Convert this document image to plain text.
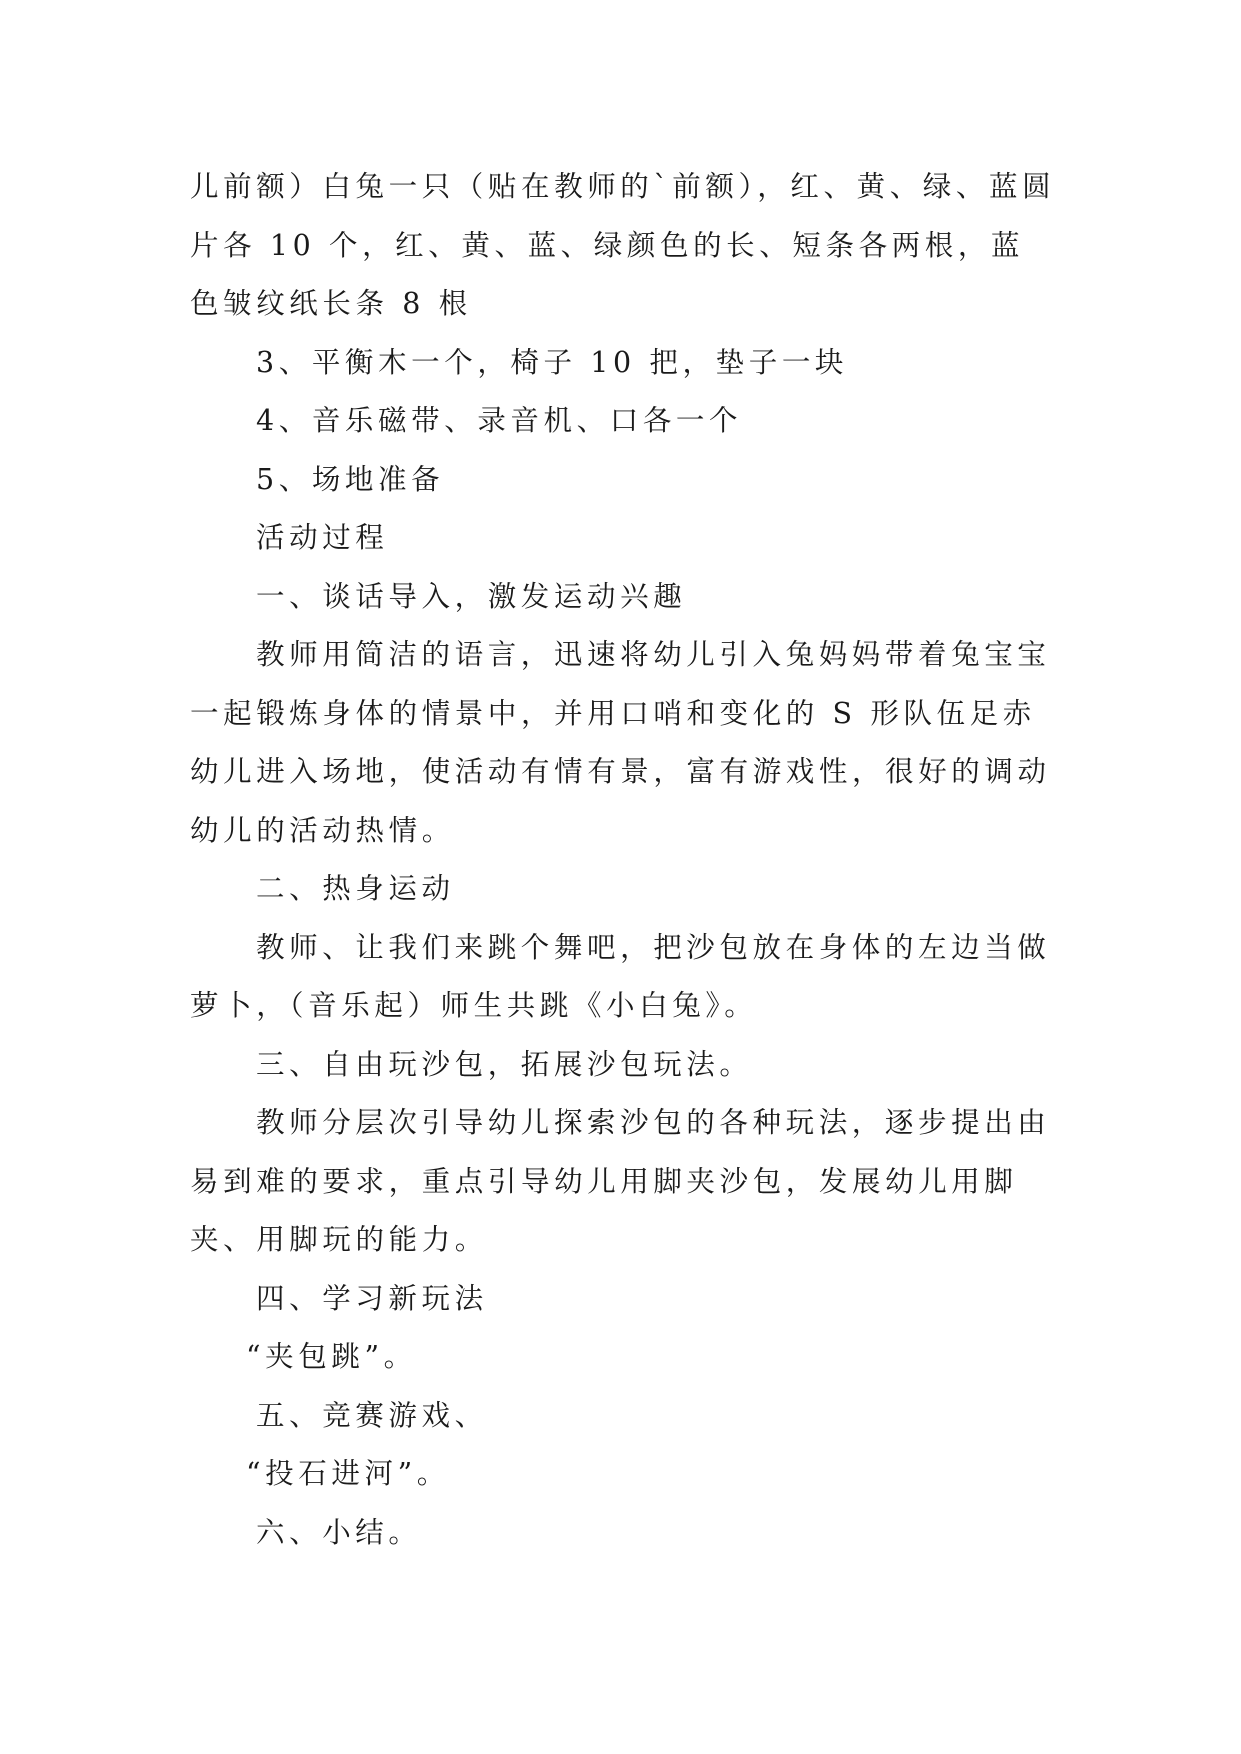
儿前额）白兔一只（贴在教师的`前额），红、黄、绿、蓝圆片各 10 个，红、黄、蓝、绿颜色的长、短条各两根，蓝色皱纹纸长条 8 根

3、平衡木一个，椅子 10 把，垫子一块

4、音乐磁带、录音机、口各一个

5、场地准备

活动过程

一、谈话导入，激发运动兴趣

教师用简洁的语言，迅速将幼儿引入兔妈妈带着兔宝宝一起锻炼身体的情景中，并用口哨和变化的 S 形队伍足赤幼儿进入场地，使活动有情有景，富有游戏性，很好的调动幼儿的活动热情。

二、热身运动

教师、让我们来跳个舞吧，把沙包放在身体的左边当做萝卜，（音乐起）师生共跳《小白兔》。

三、自由玩沙包，拓展沙包玩法。

教师分层次引导幼儿探索沙包的各种玩法，逐步提出由易到难的要求，重点引导幼儿用脚夹沙包，发展幼儿用脚夹、用脚玩的能力。

四、学习新玩法

“夹包跳”。

五、竞赛游戏、

“投石进河”。

六、小结。
